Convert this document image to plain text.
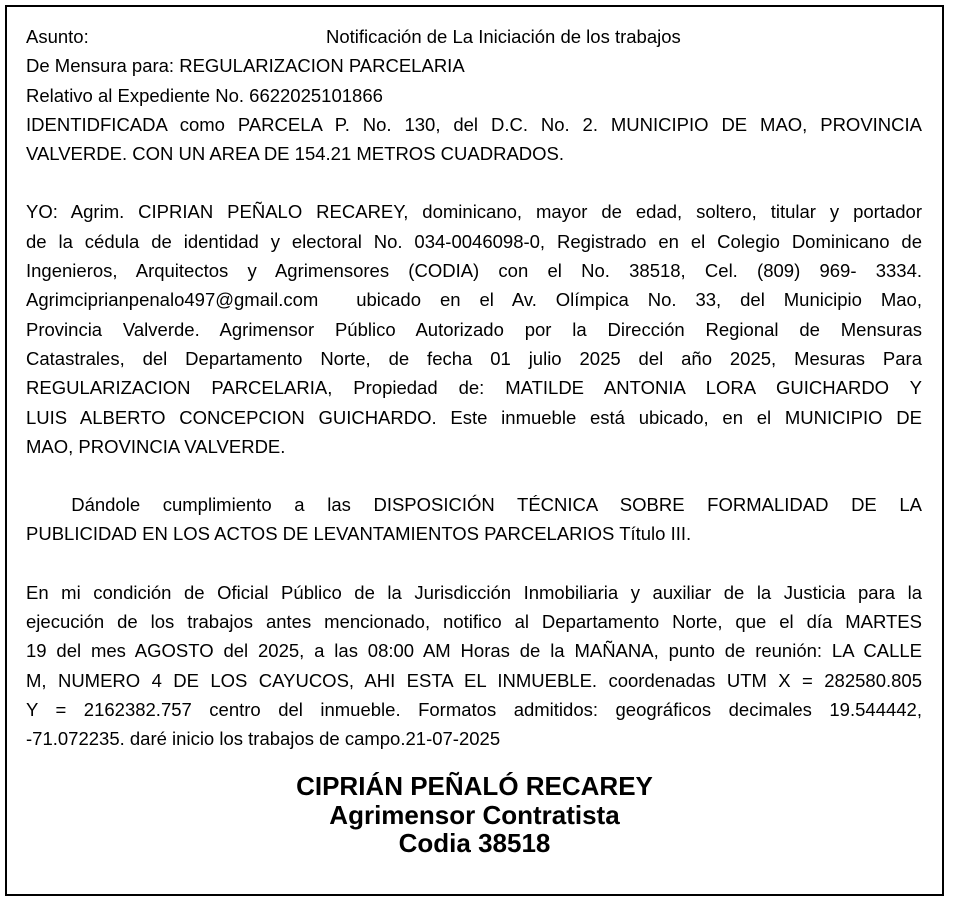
Asunto:	Notificación de La Iniciación de los trabajos
De Mensura para: REGULARIZACION PARCELARIA
Relativo al Expediente No. 6622025101866
IDENTIDFICADA como PARCELA P. No. 130, del D.C. No. 2. MUNICIPIO DE MAO, PROVINCIA
VALVERDE. CON UN AREA DE 154.21 METROS CUADRADOS.
YO: Agrim. CIPRIAN PEÑALO RECAREY, dominicano, mayor de edad, soltero, titular y portador
de la cédula de identidad y electoral No. 034-0046098-0, Registrado en el Colegio Dominicano de
Ingenieros, Arquitectos y Agrimensores (CODIA) con el No. 38518, Cel. (809) 969- 3334.
Agrimciprianpenalo497@gmail.com  ubicado en el Av. Olímpica No. 33, del Municipio Mao,
Provincia Valverde. Agrimensor Público Autorizado por la Dirección Regional de Mensuras
Catastrales, del Departamento Norte, de fecha 01 julio 2025 del año 2025, Mesuras Para
REGULARIZACION PARCELARIA, Propiedad de: MATILDE ANTONIA LORA GUICHARDO Y
LUIS ALBERTO CONCEPCION GUICHARDO. Este inmueble está ubicado, en el MUNICIPIO DE
MAO, PROVINCIA VALVERDE.
Dándole cumplimiento a las DISPOSICIÓN TÉCNICA SOBRE FORMALIDAD DE LA
PUBLICIDAD EN LOS ACTOS DE LEVANTAMIENTOS PARCELARIOS Título III.
En mi condición de Oficial Público de la Jurisdicción Inmobiliaria y auxiliar de la Justicia para la
ejecución de los trabajos antes mencionado, notifico al Departamento Norte, que el día MARTES
19 del mes AGOSTO del 2025, a las 08:00 AM Horas de la MAÑANA, punto de reunión: LA CALLE
M, NUMERO 4 DE LOS CAYUCOS, AHI ESTA EL INMUEBLE. coordenadas UTM X = 282580.805
Y = 2162382.757 centro del inmueble. Formatos admitidos: geográficos decimales 19.544442,
-71.072235. daré inicio los trabajos de campo.21-07-2025
CIPRIÁN PEÑALÓ RECAREY
Agrimensor Contratista
Codia 38518
